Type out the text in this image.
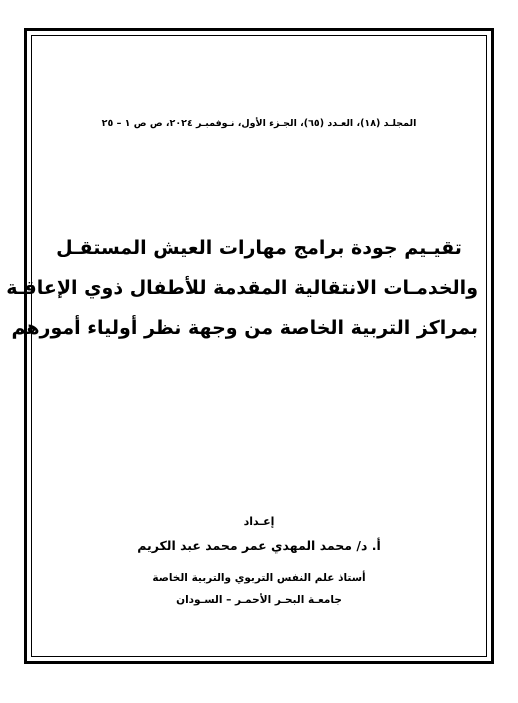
المجلـد (١٨)، العـدد (٦٥)، الجـزء الأول، نـوفمبـر ٢٠٢٤، ص ص ١ – ٢٥
تقيـيم جودة برامج مهارات العيش المستقـل
والخدمـات الانتقالية المقدمة للأطفال ذوي الإعاقـة
بمراكز التربية الخاصة من وجهة نظر أولياء أمورهم
إعـداد
أ. د/ محمد المهدي عمر محمد عبد الكريم
أستاذ علم النفس التربوي والتربية الخاصة
جامعـة البحـر الأحمـر – السـودان
